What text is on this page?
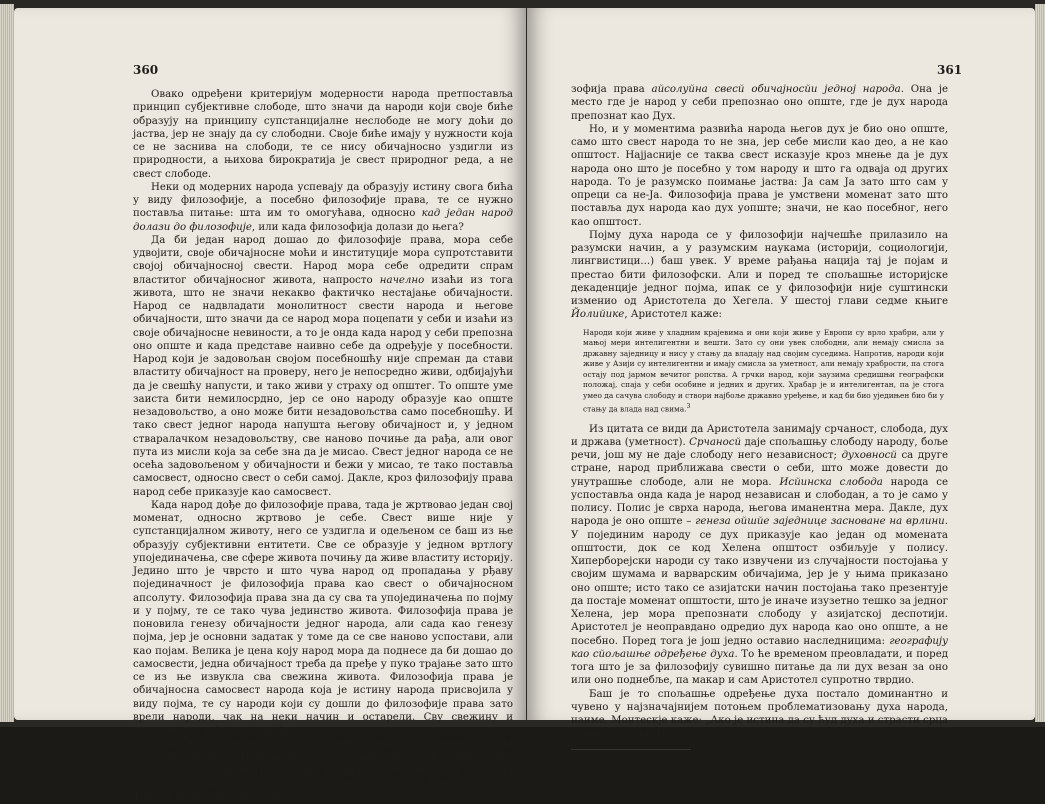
360

Овако одређени критеријум модерности народа претпоставља принцип субјективне слободе, што значи да народи који своје биће образују на принципу супстанцијалне неслободе не могу доћи до јаства, јер не знају да су слободни. Своје биће имају у нужности која се не заснива на слободи, те се нису обичајносно уздигли из природности, а њихова бирократија је свест природног реда, а не свест слободе.

Неки од модерних народа успевају да образују истину свога бића у виду филозофије, а посебно филозофије права, те се нужно поставља питање: шта им то омогућава, односно кад један народ долази до филозофије, или када филозофија долази до њега?

Да би један народ дошао до филозофије права, мора себе удвојити, своје обичајносне моћи и институције мора супротставити својој обичајносној свести. Народ мора себе одредити спрам властитог обичајносног живота, напросто начелно изаћи из тога живота, што не значи некакво фактичко нестајање обичајности. Народ се надвладати монолитност свести народа и његове обичајности, што значи да се народ мора поцепати у себи и изаћи из своје обичајносне невиности, а то је онда када народ у себи препозна оно опште и када представе наивно себе да одређује у посебности. Народ који је задовољан својом посебношћу није спреман да стави властиту обичајност на проверу, него је непосредно живи, одбијајући да је свешћу напусти, и тако живи у страху од општег. То опште уме заиста бити немилосрдно, јер се оно народу образује као опште незадовољство, а оно може бити незадовољства само посебношћу. И тако свест једног народа напушта његову обичајност и, у једном стваралачком незадовољству, све наново почиње да рађа, али овог пута из мисли која за себе зна да је мисао. Свест једног народа се не осећа задовољеном у обичајности и бежи у мисао, те тако поставља самосвест, односно свест о себи самој. Дакле, кроз филозофију права народ себе приказује као самосвест.

Када народ дође до филозофије права, тада је жртвовао један свој моменат, односно жртвово је себе. Свест више није у супстанцијалном животу, него се уздигла и одељеном се баш из ње образују субјективни ентитети. Све се образује у једном вртлогу упојединачења, све сфере живота почињу да живе властиту историју. Једино што је чврсто и што чува народ од пропадања у рђаву појединачност је филозофија права као свест о обичајносном апсолуту. Филозофија права зна да су сва та упојединачења по појму и у појму, те се тако чува јединство живота. Филозофија права је поновила генезу обичајности једног народа, али сада као генезу појма, јер је основни задатак у томе да се све наново успостави, али као појам. Велика је цена коју народ мора да поднесе да би дошао до самосвести, једна обичајност треба да пређе у пуко трајање зато што се из ње извукла сва свежина живота. Филозофија права је обичајносна самосвест народа која је истину народа присвојила у виду појма, те су народи који су дошли до филозофије права зато врели народи, чак на неки начин и остарели. Сву свежину и животност имају само у појму.

Један народ пролази кроз моменте развића ка правности која себе зна, да би се ту помирио, те своје актуелно и своје виртуелно биће довео у идентитет. Када правност себе зна, тек је онда обичајност дошла до самосвести, и народ тада у себи препознаје Дух. Тако се може рећи да је фило-

361

зофија права айсолуйна свесй обичајносйи једној народа. Она је место где је народ у себи препознао оно опште, где је дух народа препознат као Дух.

Но, и у моментима развића народа његов дух је био оно опште, само што свест народа то не зна, јер себе мисли као део, а не као општост. Најјасније се таква свест исказује кроз мнење да је дух народа оно што је посебно у том народу и што га одваја од других народа. То је разумско поимање јаства: Ја сам Ја зато што сам у опреци са не-Ја. Филозофија права је умствени моменат зато што поставља дух народа као дух уопште; значи, не као посебног, него као општост.

Појму духа народа се у филозофији најчешће прилазило на разумски начин, а у разумским наукама (историји, социологији, лингвистици...) баш увек. У време рађања нација тај је појам и престао бити филозофски. Али и поред те спољашње историјске декаденције једног појма, ипак се у филозофији није суштински изменио од Аристотела до Хегела. У шестој глави седме књиге Йолийике, Аристотел каже:

Народи који живе у хладним крајевима и они који живе у Европи су врло храбри, али у мањој мери интелигентни и вешти. Зато су они увек слободни, али немају смисла за државну заједницу и нису у стању да владају над својим суседима. Напротив, народи који живе у Азији су интелигентни и имају смисла за уметност, али немају храбрости, па стога остају под јармом вечитог ропства. А грчки народ, који заузима средишњи географски положај, спаја у себи особине и једних и других. Храбар је и интелигентан, па је стога умео да сачува слободу и створи најбоље државно уређење, и кад би био уједињен био би у стању да влада над свима.$^3$

Из цитата се види да Аристотела занимају срчаност, слобода, дух и држава (уметност). Срчаносй даје спољашњу слободу народу, боље речи, још му не даје слободу него независност; духовносй са друге стране, народ приближава свести о себи, што може довести до унутрашње слободе, али не мора. Исйинска слобода народа се успоставља онда када је народ независан и слободан, а то је само у полису. Полис је сврха народа, његова иманентна мера. Дакле, дух народа је оно опште – генеза ойшйе заједнице засноване на врлини. У појединим народу се дух приказује као један од момената општости, док се код Хелена општост озбиљује у полису. Хиперборејски народи су тако извучени из случајности постојања у својим шумама и варварским обичајима, јер је у њима приказано оно опште; исто тако се азијатски начин постојања тако презентује да постаје моменат општости, што је иначе изузетно тешко за једног Хелена, јер мора препознати слободу у азијатској деспотији. Аристотел је неоправдано одредио дух народа као оно опште, а не посебно. Поред тога је још једно оставио наследницима: географију као сйољашње одређење духа. То ће временом преовладати, и поред тога што је за филозофију сувишно питање да ли дух везан за оно или оно поднебље, па макар и сам Аристотел супротно тврдио.

Баш је то спољашње одређење духа постало доминантно и чувено у најзначајнијем потоњем проблематизовању духа народа, наиме, Монтескје каже: „Ако је истина да су ћуд духа и страсти срца крајње различити у

$^3$ Aristotel, Politika, Globus, Sveučilišna naklada Liber, Zagreb 1988, 1327 b.
